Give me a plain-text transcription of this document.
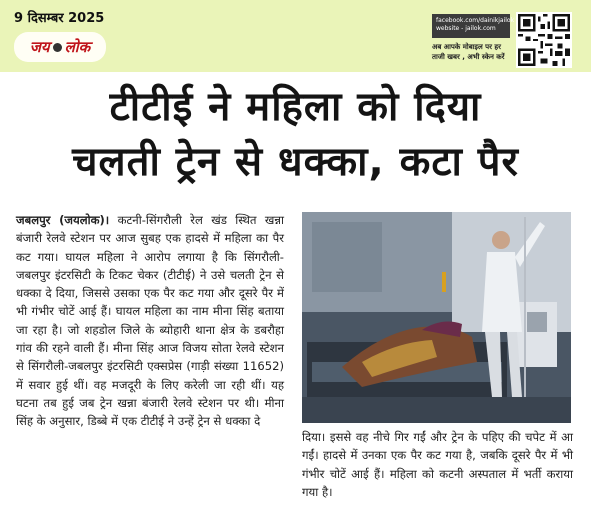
9 दिसम्बर 2025
जय लोक
facebook.com/dainikjailok
website - jailok.com
अब आपके मोबाइल पर हर
ताजी खबर , अभी स्केन करें
टीटीई ने महिला को दिया
चलती ट्रेन से धक्का, कटा पैर
जबलपुर (जयलोक)। कटनी-सिंगरौली रेल खंड स्थित खन्ना बंजारी रेलवे स्टेशन पर आज सुबह एक हादसे में महिला का पैर कट गया। घायल महिला ने आरोप लगाया है कि सिंगरौली-जबलपुर इंटरसिटी के टिकट चेकर (टीटीई) ने उसे चलती ट्रेन से धक्का दे दिया, जिससे उसका एक पैर कट गया और दूसरे पैर में भी गंभीर चोटें आई हैं। घायल महिला का नाम मीना सिंह बताया जा रहा है। जो शहडोल जिले के ब्योहारी थाना क्षेत्र के डबरौहा गांव की रहने वाली हैं। मीना सिंह आज विजय सोता रेलवे स्टेशन से सिंगरौली-जबलपुर इंटरसिटी एक्सप्रेस (गाड़ी संख्या 11652) में सवार हुई थीं। वह मजदूरी के लिए करेली जा रही थीं। यह घटना तब हुई जब ट्रेन खन्ना बंजारी रेलवे स्टेशन पर थी। मीना सिंह के अनुसार, डिब्बे में एक टीटीई ने उन्हें ट्रेन से धक्का दे
दिया। इससे वह नीचे गिर गईं और ट्रेन के पहिए की चपेट में आ गईं। हादसे में उनका एक पैर कट गया है, जबकि दूसरे पैर में भी गंभीर चोटें आई हैं। महिला को कटनी अस्पताल में भर्ती कराया गया है।
